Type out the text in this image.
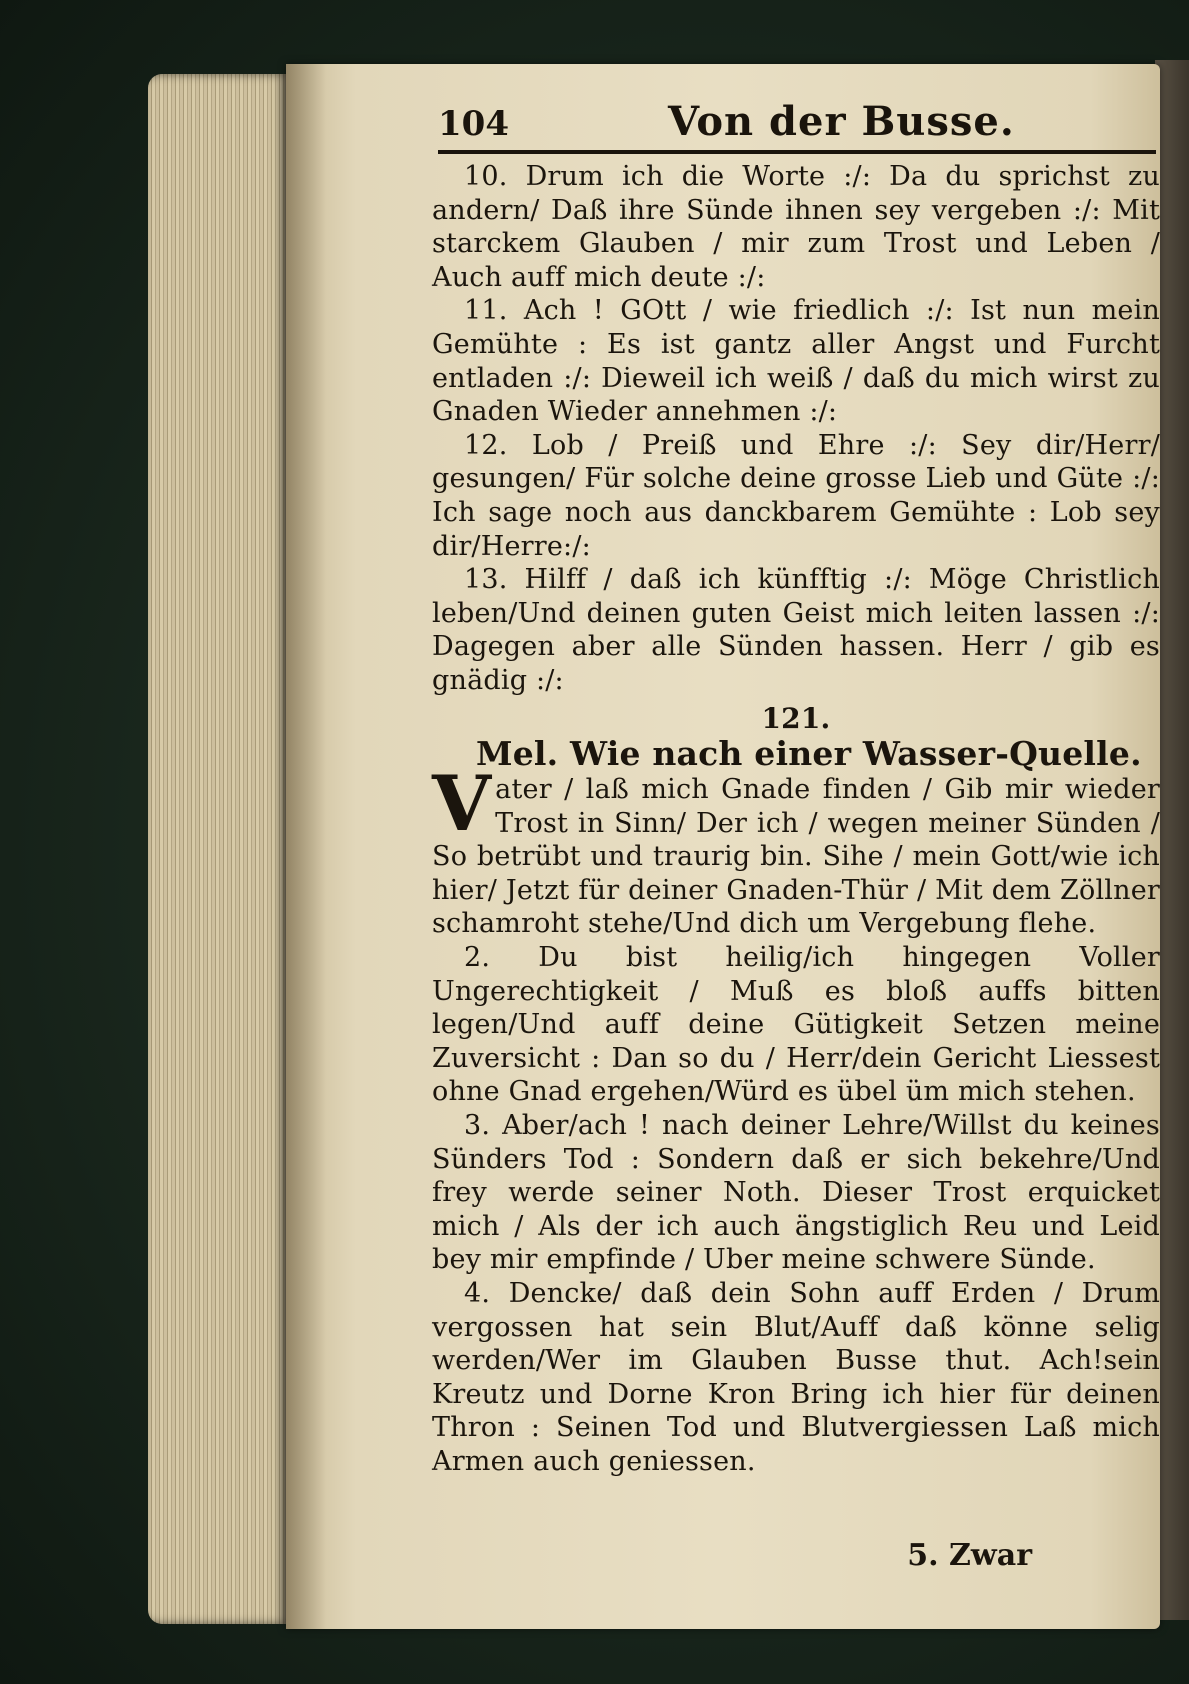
104	Von der Busse.

10. Drum ich die Worte :/: Da du sprichst zu andern/ Daß ihre Sünde ihnen sey vergeben :/: Mit starckem Glauben / mir zum Trost und Leben / Auch auff mich deute :/:

11. Ach ! GOtt / wie friedlich :/: Ist nun mein Gemühte : Es ist gantz aller Angst und Furcht entladen :/: Dieweil ich weiß / daß du mich wirst zu Gnaden Wieder annehmen :/:

12. Lob / Preiß und Ehre :/: Sey dir/Herr/ gesungen/ Für solche deine grosse Lieb und Güte :/: Ich sage noch aus danckbarem Gemühte : Lob sey dir/Herre:/:

13. Hilff / daß ich künfftig :/: Möge Christlich leben/Und deinen guten Geist mich leiten lassen :/: Dagegen aber alle Sünden hassen. Herr / gib es gnädig :/:

121.

Mel. Wie nach einer Wasser-Quelle.

Vater / laß mich Gnade finden / Gib mir wieder Trost in Sinn/ Der ich / wegen meiner Sünden / So betrübt und traurig bin. Sihe / mein Gott/wie ich hier/ Jetzt für deiner Gnaden-Thür / Mit dem Zöllner schamroht stehe/Und dich um Vergebung flehe.

2. Du bist heilig/ich hingegen Voller Ungerechtigkeit / Muß es bloß auffs bitten legen/Und auff deine Gütigkeit Setzen meine Zuversicht : Dan so du / Herr/dein Gericht Liessest ohne Gnad ergehen/Würd es übel üm mich stehen.

3. Aber/ach ! nach deiner Lehre/Willst du keines Sünders Tod : Sondern daß er sich bekehre/Und frey werde seiner Noth. Dieser Trost erquicket mich / Als der ich auch ängstiglich Reu und Leid bey mir empfinde / Uber meine schwere Sünde.

4. Dencke/ daß dein Sohn auff Erden / Drum vergossen hat sein Blut/Auff daß könne selig werden/Wer im Glauben Busse thut. Ach!sein Kreutz und Dorne Kron Bring ich hier für deinen Thron : Seinen Tod und Blutvergiessen Laß mich Armen auch geniessen.

5. Zwar
